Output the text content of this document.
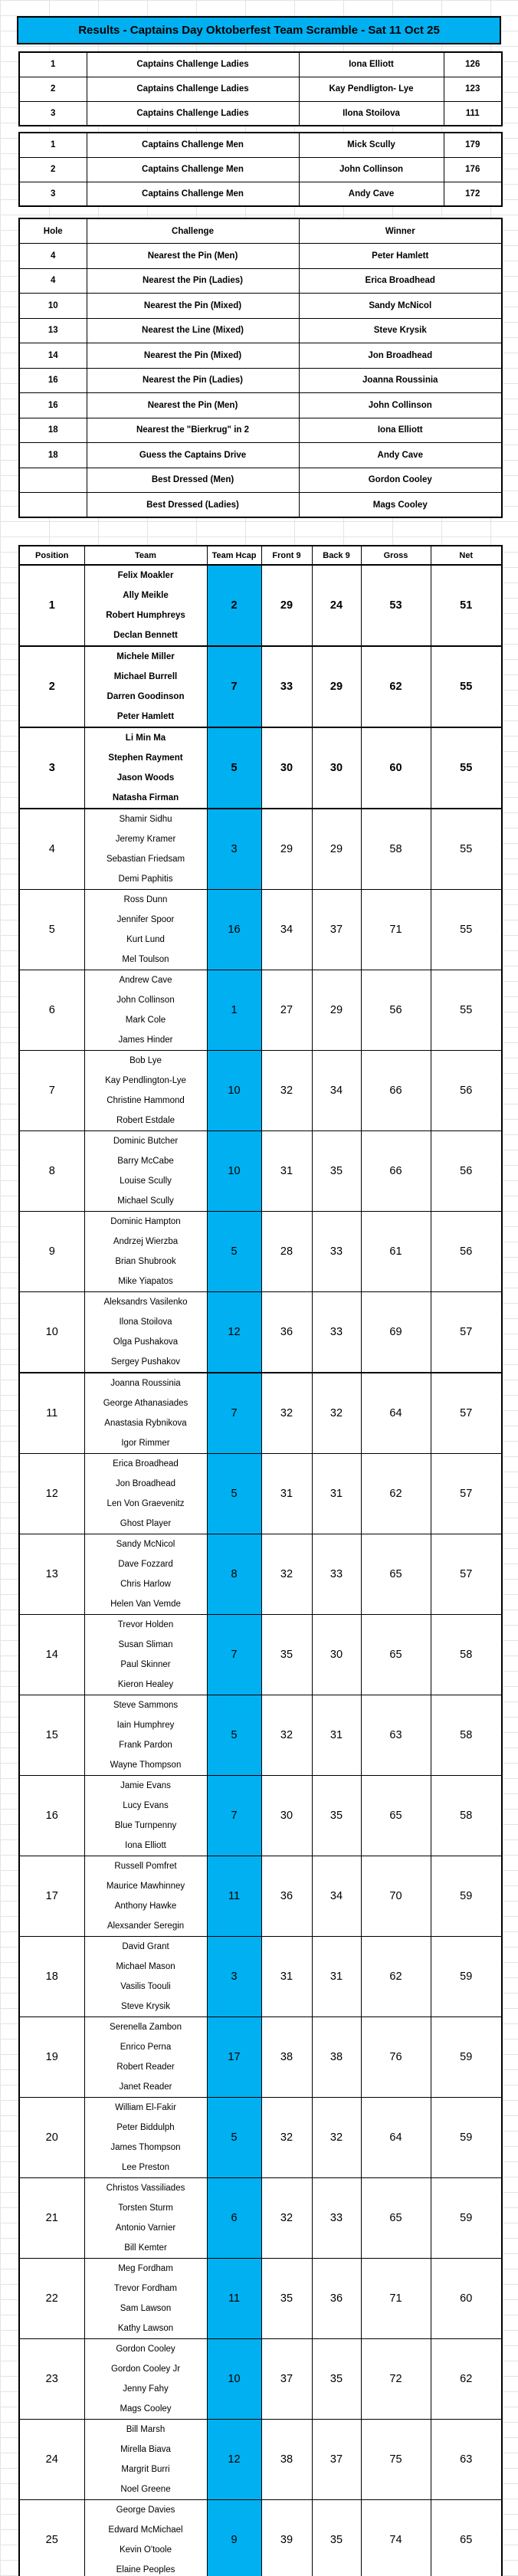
Results - Captains Day Oktoberfest Team Scramble - Sat 11 Oct 25
1	Captains Challenge Ladies	Iona Elliott	126
2	Captains Challenge Ladies	Kay Pendligton- Lye	123
3	Captains Challenge Ladies	Ilona Stoilova	111
1	Captains Challenge Men	Mick Scully	179
2	Captains Challenge Men	John Collinson	176
3	Captains Challenge Men	Andy Cave	172
Hole	Challenge	Winner
4	Nearest the Pin (Men)	Peter Hamlett
4	Nearest the Pin (Ladies)	Erica Broadhead
10	Nearest the Pin (Mixed)	Sandy McNicol
13	Nearest the Line (Mixed)	Steve Krysik
14	Nearest the Pin (Mixed)	Jon Broadhead
16	Nearest the Pin (Ladies)	Joanna Roussinia
16	Nearest the Pin (Men)	John Collinson
18	Nearest the "Bierkrug" in 2	Iona Elliott
18	Guess the Captains Drive	Andy Cave
	Best Dressed (Men)	Gordon Cooley
	Best Dressed (Ladies)	Mags Cooley
Position	Team	Team Hcap	Front 9	Back 9	Gross	Net
1	Felix Moakler
Ally Meikle
Robert Humphreys
Declan Bennett	2	29	24	53	51
2	Michele Miller
Michael Burrell
Darren Goodinson
Peter Hamlett	7	33	29	62	55
3	Li Min Ma
Stephen Rayment
Jason Woods
Natasha Firman	5	30	30	60	55
4	Shamir Sidhu
Jeremy Kramer
Sebastian Friedsam
Demi Paphitis	3	29	29	58	55
5	Ross Dunn
Jennifer Spoor
Kurt Lund
Mel Toulson	16	34	37	71	55
6	Andrew Cave
John Collinson
Mark Cole
James Hinder	1	27	29	56	55
7	Bob Lye
Kay Pendlington-Lye
Christine Hammond
Robert Estdale	10	32	34	66	56
8	Dominic Butcher
Barry McCabe
Louise Scully
Michael Scully	10	31	35	66	56
9	Dominic Hampton
Andrzej Wierzba
Brian Shubrook
Mike Yiapatos	5	28	33	61	56
10	Aleksandrs Vasilenko
Ilona Stoilova
Olga Pushakova
Sergey Pushakov	12	36	33	69	57
11	Joanna Roussinia
George Athanasiades
Anastasia Rybnikova
Igor Rimmer	7	32	32	64	57
12	Erica Broadhead
Jon Broadhead
Len Von Graevenitz
Ghost Player	5	31	31	62	57
13	Sandy McNicol
Dave Fozzard
Chris Harlow
Helen Van Vemde	8	32	33	65	57
14	Trevor Holden
Susan Sliman
Paul Skinner
Kieron Healey	7	35	30	65	58
15	Steve Sammons
Iain Humphrey
Frank Pardon
Wayne Thompson	5	32	31	63	58
16	Jamie Evans
Lucy Evans
Blue Turnpenny
Iona Elliott	7	30	35	65	58
17	Russell Pomfret
Maurice Mawhinney
Anthony Hawke
Alexsander Seregin	11	36	34	70	59
18	David Grant
Michael Mason
Vasilis Toouli
Steve Krysik	3	31	31	62	59
19	Serenella Zambon
Enrico Perna
Robert Reader
Janet Reader	17	38	38	76	59
20	William El-Fakir
Peter Biddulph
James Thompson
Lee Preston	5	32	32	64	59
21	Christos Vassiliades
Torsten Sturm
Antonio Varnier
Bill Kemter	6	32	33	65	59
22	Meg Fordham
Trevor Fordham
Sam Lawson
Kathy Lawson	11	35	36	71	60
23	Gordon Cooley
Gordon Cooley Jr
Jenny Fahy
Mags Cooley	10	37	35	72	62
24	Bill Marsh
Mirella Biava
Margrit Burri
Noel Greene	12	38	37	75	63
25	George Davies
Edward McMichael
Kevin O'toole
Elaine Peoples	9	39	35	74	65
